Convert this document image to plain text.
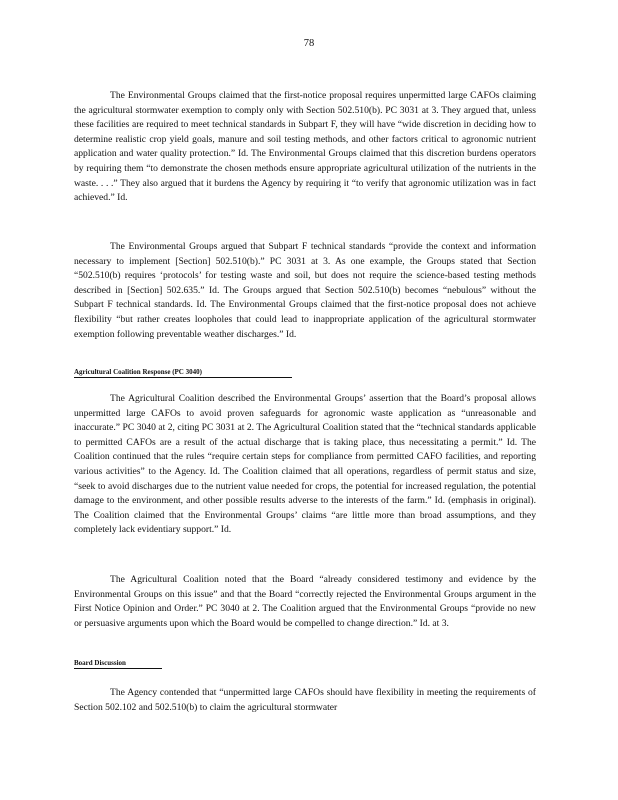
78

The Environmental Groups claimed that the first-notice proposal requires unpermitted large CAFOs claiming the agricultural stormwater exemption to comply only with Section 502.510(b). PC 3031 at 3. They argued that, unless these facilities are required to meet technical standards in Subpart F, they will have “wide discretion in deciding how to determine realistic crop yield goals, manure and soil testing methods, and other factors critical to agronomic nutrient application and water quality protection.” Id. The Environmental Groups claimed that this discretion burdens operators by requiring them “to demonstrate the chosen methods ensure appropriate agricultural utilization of the nutrients in the waste. . . .” They also argued that it burdens the Agency by requiring it “to verify that agronomic utilization was in fact achieved.” Id.

The Environmental Groups argued that Subpart F technical standards “provide the context and information necessary to implement [Section] 502.510(b).” PC 3031 at 3. As one example, the Groups stated that Section “502.510(b) requires ‘protocols’ for testing waste and soil, but does not require the science-based testing methods described in [Section] 502.635.” Id. The Groups argued that Section 502.510(b) becomes “nebulous” without the Subpart F technical standards. Id. The Environmental Groups claimed that the first-notice proposal does not achieve flexibility “but rather creates loopholes that could lead to inappropriate application of the agricultural stormwater exemption following preventable weather discharges.” Id.

Agricultural Coalition Response (PC 3040)

The Agricultural Coalition described the Environmental Groups’ assertion that the Board’s proposal allows unpermitted large CAFOs to avoid proven safeguards for agronomic waste application as “unreasonable and inaccurate.” PC 3040 at 2, citing PC 3031 at 2. The Agricultural Coalition stated that the “technical standards applicable to permitted CAFOs are a result of the actual discharge that is taking place, thus necessitating a permit.” Id. The Coalition continued that the rules “require certain steps for compliance from permitted CAFO facilities, and reporting various activities” to the Agency. Id. The Coalition claimed that all operations, regardless of permit status and size, “seek to avoid discharges due to the nutrient value needed for crops, the potential for increased regulation, the potential damage to the environment, and other possible results adverse to the interests of the farm.” Id. (emphasis in original). The Coalition claimed that the Environmental Groups’ claims “are little more than broad assumptions, and they completely lack evidentiary support.” Id.

The Agricultural Coalition noted that the Board “already considered testimony and evidence by the Environmental Groups on this issue” and that the Board “correctly rejected the Environmental Groups argument in the First Notice Opinion and Order.” PC 3040 at 2. The Coalition argued that the Environmental Groups “provide no new or persuasive arguments upon which the Board would be compelled to change direction.” Id. at 3.

Board Discussion

The Agency contended that “unpermitted large CAFOs should have flexibility in meeting the requirements of Section 502.102 and 502.510(b) to claim the agricultural stormwater
